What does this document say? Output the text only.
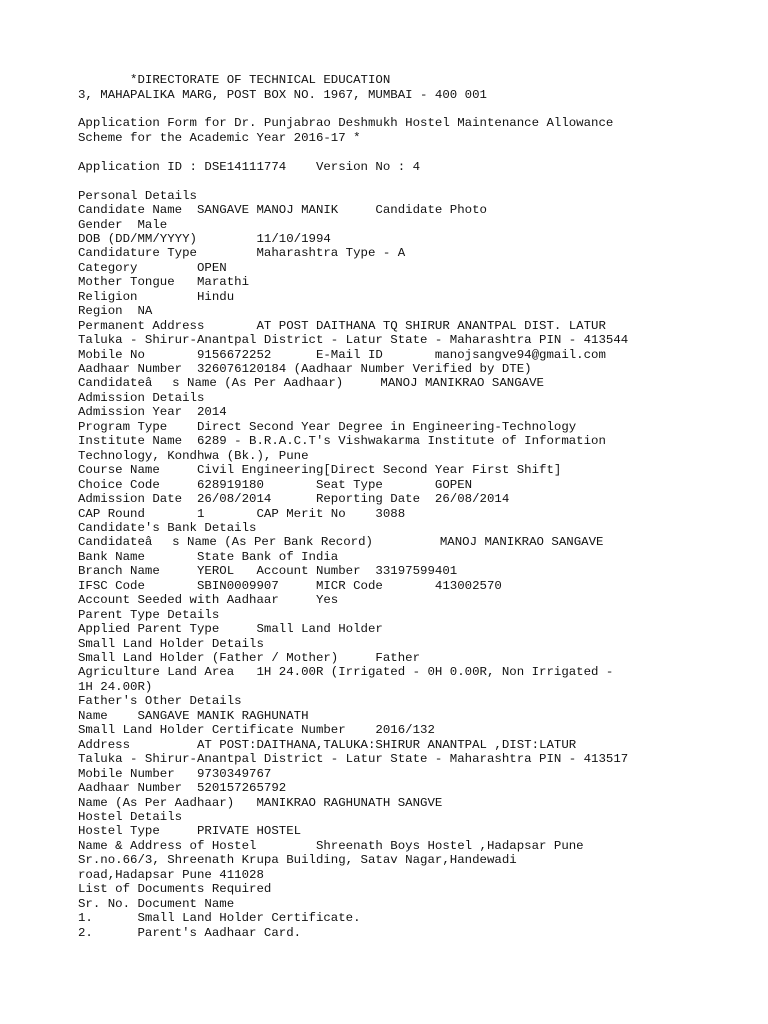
*DIRECTORATE OF TECHNICAL EDUCATION
3, MAHAPALIKA MARG, POST BOX NO. 1967, MUMBAI - 400 001
Application Form for Dr. Punjabrao Deshmukh Hostel Maintenance Allowance
Scheme for the Academic Year 2016-17 *
Application ID : DSE14111774    Version No : 4
Personal Details
Candidate Name  SANGAVE MANOJ MANIK     Candidate Photo
Gender  Male
DOB (DD/MM/YYYY)        11/10/1994
Candidature Type        Maharashtra Type - A
Category        OPEN
Mother Tongue   Marathi
Religion        Hindu
Region  NA
Permanent Address       AT POST DAITHANA TQ SHIRUR ANANTPAL DIST. LATUR
Taluka - Shirur-Anantpal District - Latur State - Maharashtra PIN - 413544
Mobile No       9156672252      E-Mail ID       manojsangve94@gmail.com
Aadhaar Number  326076120184 (Aadhaar Number Verified by DTE)
Candidateâs Name (As Per Aadhaar)     MANOJ MANIKRAO SANGAVE
Admission Details
Admission Year  2014
Program Type    Direct Second Year Degree in Engineering-Technology
Institute Name  6289 - B.R.A.C.T's Vishwakarma Institute of Information
Technology, Kondhwa (Bk.), Pune
Course Name     Civil Engineering[Direct Second Year First Shift]
Choice Code     628919180       Seat Type       GOPEN
Admission Date  26/08/2014      Reporting Date  26/08/2014
CAP Round       1       CAP Merit No    3088
Candidate's Bank Details
Candidateâs Name (As Per Bank Record)         MANOJ MANIKRAO SANGAVE
Bank Name       State Bank of India
Branch Name     YEROL   Account Number  33197599401
IFSC Code       SBIN0009907     MICR Code       413002570
Account Seeded with Aadhaar     Yes
Parent Type Details
Applied Parent Type     Small Land Holder
Small Land Holder Details
Small Land Holder (Father / Mother)     Father
Agriculture Land Area   1H 24.00R (Irrigated - 0H 0.00R, Non Irrigated -
1H 24.00R)
Father's Other Details
Name    SANGAVE MANIK RAGHUNATH
Small Land Holder Certificate Number    2016/132
Address         AT POST:DAITHANA,TALUKA:SHIRUR ANANTPAL ,DIST:LATUR
Taluka - Shirur-Anantpal District - Latur State - Maharashtra PIN - 413517
Mobile Number   9730349767
Aadhaar Number  520157265792
Name (As Per Aadhaar)   MANIKRAO RAGHUNATH SANGVE
Hostel Details
Hostel Type     PRIVATE HOSTEL
Name & Address of Hostel        Shreenath Boys Hostel ,Hadapsar Pune
Sr.no.66/3, Shreenath Krupa Building, Satav Nagar,Handewadi
road,Hadapsar Pune 411028
List of Documents Required
Sr. No. Document Name
1.      Small Land Holder Certificate.
2.      Parent's Aadhaar Card.
